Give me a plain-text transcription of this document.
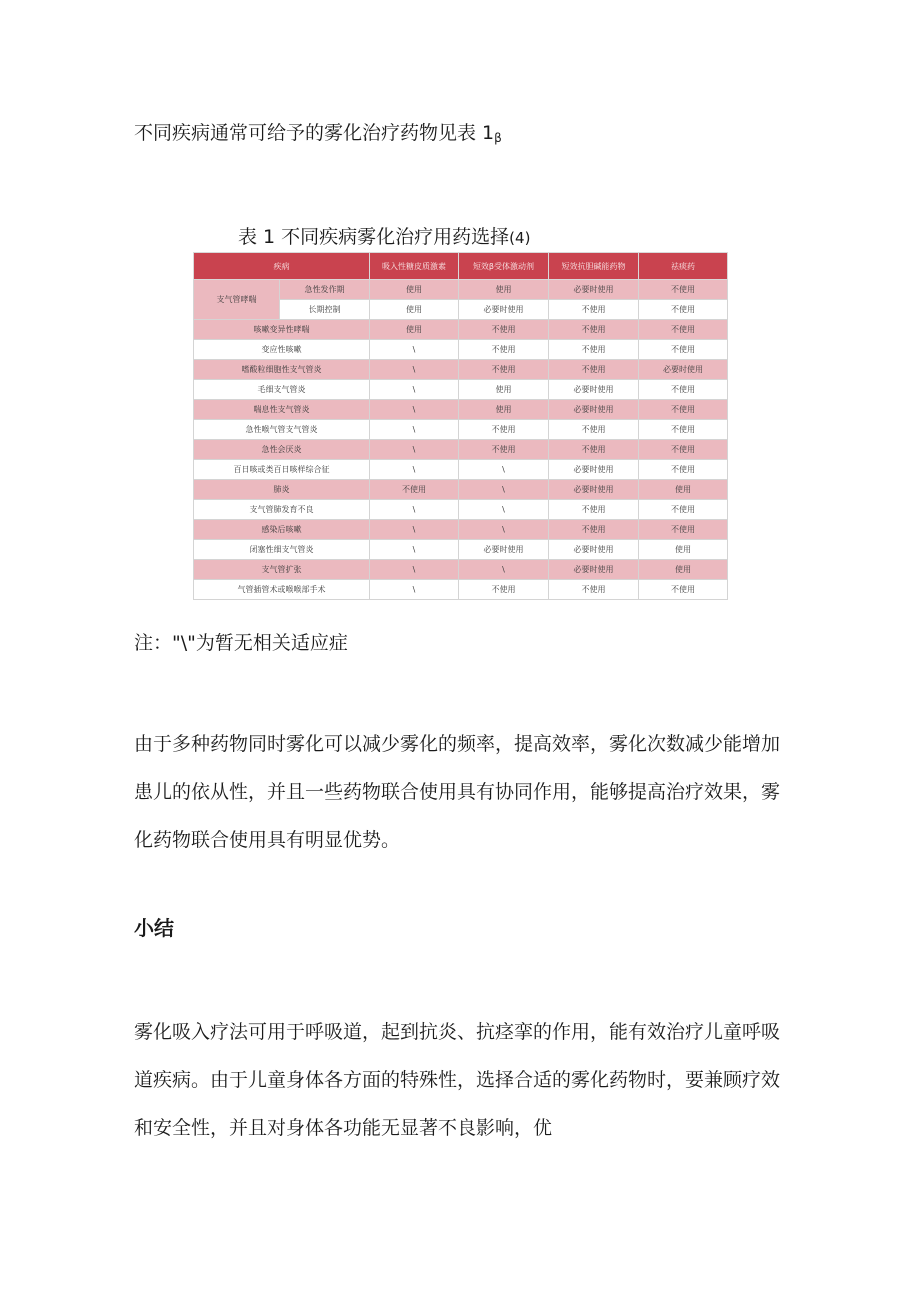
不同疾病通常可给予的雾化治疗药物见表 $1_\beta$

表 1 不同疾病雾化治疗用药选择(4)
疾病		吸入性糖皮质激素	短效β受体激动剂	短效抗胆碱能药物	祛痰药
支气管哮喘	急性发作期	使用	使用	必要时使用	不使用
	长期控制	使用	必要时使用	不使用	不使用
咳嗽变异性哮喘		使用	不使用	不使用	不使用
变应性咳嗽		\	不使用	不使用	不使用
嗜酸粒细胞性支气管炎		\	不使用	不使用	必要时使用
毛细支气管炎		\	使用	必要时使用	不使用
喘息性支气管炎		\	使用	必要时使用	不使用
急性喉气管支气管炎		\	不使用	不使用	不使用
急性会厌炎		\	不使用	不使用	不使用
百日咳或类百日咳样综合征		\	\	必要时使用	不使用
肺炎		不使用	\	必要时使用	使用
支气管肺发育不良		\	\	不使用	不使用
感染后咳嗽		\	\	不使用	不使用
闭塞性细支气管炎		\	必要时使用	必要时使用	使用
支气管扩张		\	\	必要时使用	使用
气管插管术或喉喉部手术		\	不使用	不使用	不使用

注："\"为暂无相关适应症

由于多种药物同时雾化可以减少雾化的频率，提高效率，雾化次数减少能增加患儿的依从性，并且一些药物联合使用具有协同作用，能够提高治疗效果，雾化药物联合使用具有明显优势。

小结

雾化吸入疗法可用于呼吸道，起到抗炎、抗痉挛的作用，能有效治疗儿童呼吸道疾病。由于儿童身体各方面的特殊性，选择合适的雾化药物时，要兼顾疗效和安全性，并且对身体各功能无显著不良影响，优
